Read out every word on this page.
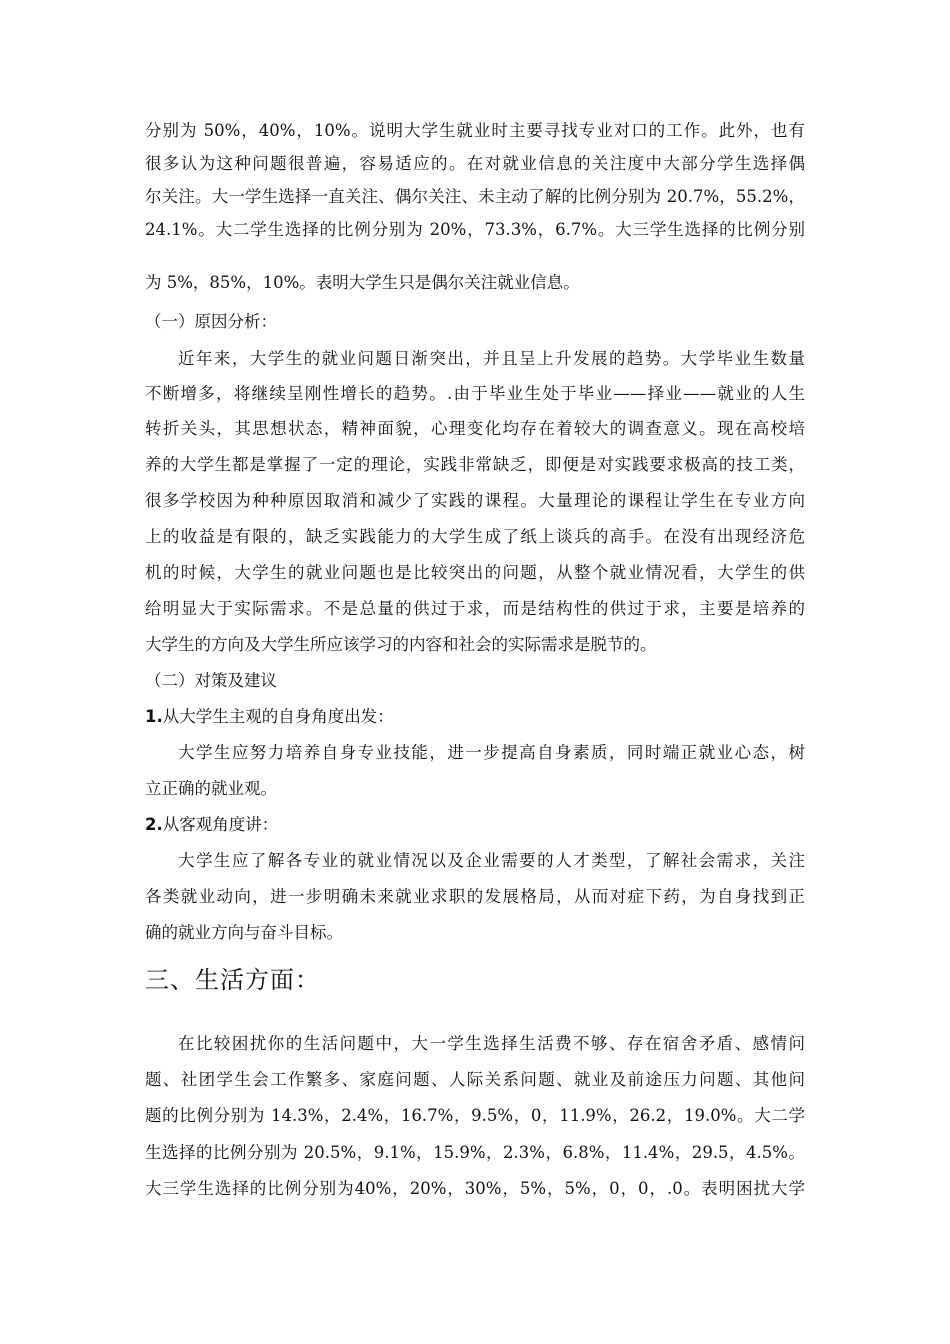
分别为 50%，40%，10%。说明大学生就业时主要寻找专业对口的工作。此外，也有
很多认为这种问题很普遍，容易适应的。在对就业信息的关注度中大部分学生选择偶
尔关注。大一学生选择一直关注、偶尔关注、未主动了解的比例分别为 20.7%，55.2%，
24.1%。大二学生选择的比例分别为 20%，73.3%，6.7%。大三学生选择的比例分别
为 5%，85%，10%。表明大学生只是偶尔关注就业信息。
（一）原因分析：
近年来，大学生的就业问题日渐突出，并且呈上升发展的趋势。大学毕业生数量
不断增多，将继续呈刚性增长的趋势。.由于毕业生处于毕业——择业——就业的人生
转折关头，其思想状态，精神面貌，心理变化均存在着较大的调查意义。现在高校培
养的大学生都是掌握了一定的理论，实践非常缺乏，即便是对实践要求极高的技工类，
很多学校因为种种原因取消和减少了实践的课程。大量理论的课程让学生在专业方向
上的收益是有限的，缺乏实践能力的大学生成了纸上谈兵的高手。在没有出现经济危
机的时候，大学生的就业问题也是比较突出的问题，从整个就业情况看，大学生的供
给明显大于实际需求。不是总量的供过于求，而是结构性的供过于求，主要是培养的
大学生的方向及大学生所应该学习的内容和社会的实际需求是脱节的。
（二）对策及建议
1.从大学生主观的自身角度出发：
大学生应努力培养自身专业技能，进一步提高自身素质，同时端正就业心态，树
立正确的就业观。
2.从客观角度讲：
大学生应了解各专业的就业情况以及企业需要的人才类型，了解社会需求，关注
各类就业动向，进一步明确未来就业求职的发展格局，从而对症下药，为自身找到正
确的就业方向与奋斗目标。
三、生活方面：
在比较困扰你的生活问题中，大一学生选择生活费不够、存在宿舍矛盾、感情问
题、社团学生会工作繁多、家庭问题、人际关系问题、就业及前途压力问题、其他问
题的比例分别为 14.3%，2.4%，16.7%，9.5%，0，11.9%，26.2，19.0%。大二学
生选择的比例分别为 20.5%，9.1%，15.9%，2.3%，6.8%，11.4%，29.5，4.5%。
大三学生选择的比例分别为40%，20%，30%，5%，5%，0，0，.0。表明困扰大学
